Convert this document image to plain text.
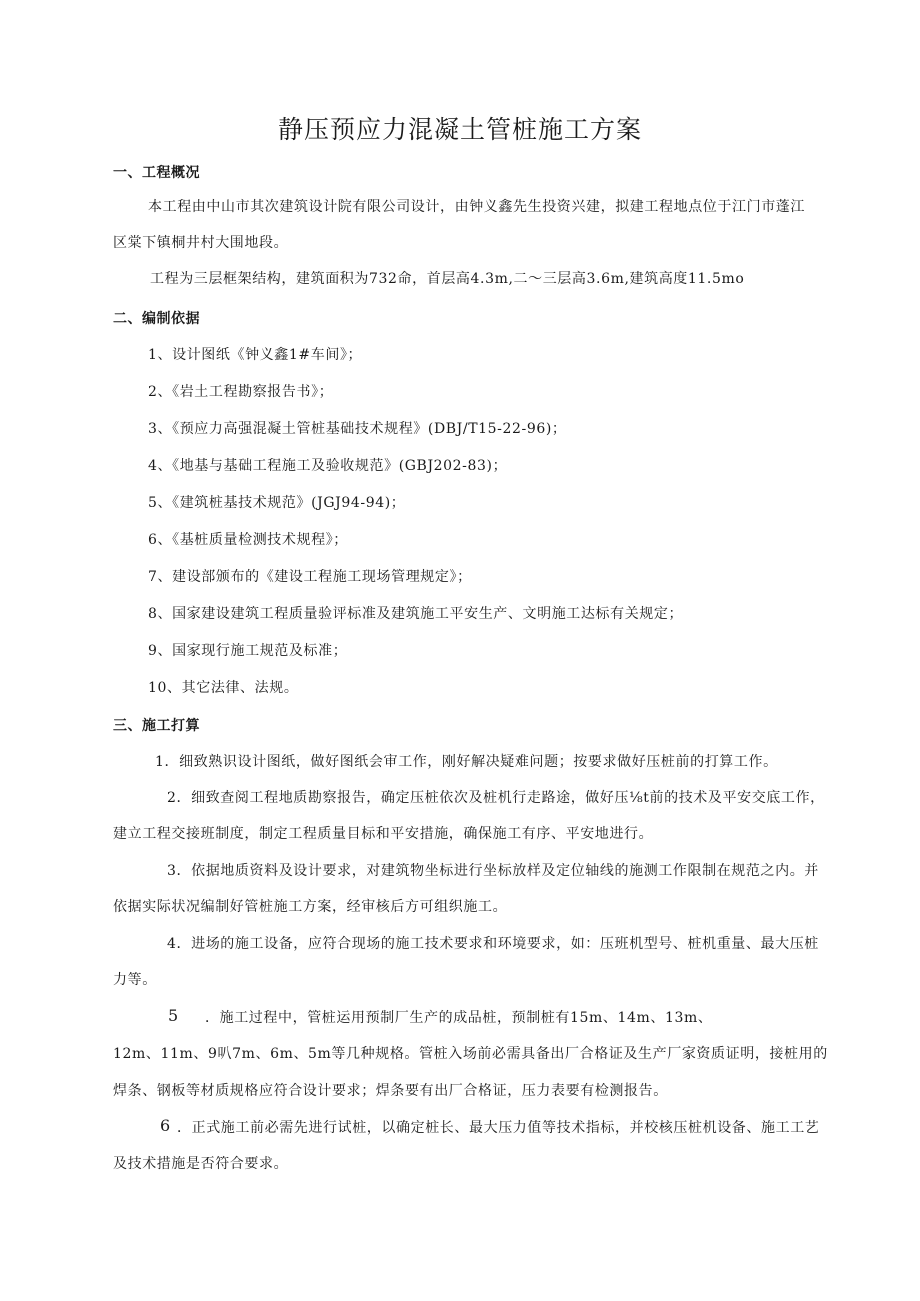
静压预应力混凝土管桩施工方案
一、工程概况
本工程由中山市其次建筑设计院有限公司设计，由钟义鑫先生投资兴建，拟建工程地点位于江门市蓬江
区棠下镇桐井村大围地段。
工程为三层框架结构，建筑面积为732命，首层高4.3m,二～三层高3.6m,建筑高度11.5mo
二、编制依据
1、设计图纸《钟义鑫1#车间》；
2、《岩土工程勘察报告书》；
3、《预应力高强混凝土管桩基础技术规程》(DBJ/T15-22-96)；
4、《地基与基础工程施工及验收规范》(GBJ202-83)；
5、《建筑桩基技术规范》(JGJ94-94)；
6、《基桩质量检测技术规程》；
7、建设部颁布的《建设工程施工现场管理规定》；
8、国家建设建筑工程质量验评标准及建筑施工平安生产、文明施工达标有关规定；
9、国家现行施工规范及标准；
10、其它法律、法规。
三、施工打算
1．细致熟识设计图纸，做好图纸会审工作，刚好解决疑难问题；按要求做好压桩前的打算工作。
2．细致查阅工程地质勘察报告，确定压桩依次及桩机行走路途，做好压⅛t前的技术及平安交底工作，
建立工程交接班制度，制定工程质量目标和平安措施，确保施工有序、平安地进行。
3．依据地质资料及设计要求，对建筑物坐标进行坐标放样及定位轴线的施测工作限制在规范之内。并
依据实际状况编制好管桩施工方案，经审核后方可组织施工。
4．进场的施工设备，应符合现场的施工技术要求和环境要求，如：压班机型号、桩机重量、最大压桩
力等。
5 ．施工过程中，管桩运用预制厂生产的成品桩，预制桩有15m、14m、13m、
12m、11m、9叭7m、6m、5m等几种规格。管桩入场前必需具备出厂合格证及生产厂家资质证明，接桩用的
焊条、钢板等材质规格应符合设计要求；焊条要有出厂合格证，压力表要有检测报告。
6 ．正式施工前必需先进行试桩，以确定桩长、最大压力值等技术指标，并校核压桩机设备、施工工艺
及技术措施是否符合要求。
